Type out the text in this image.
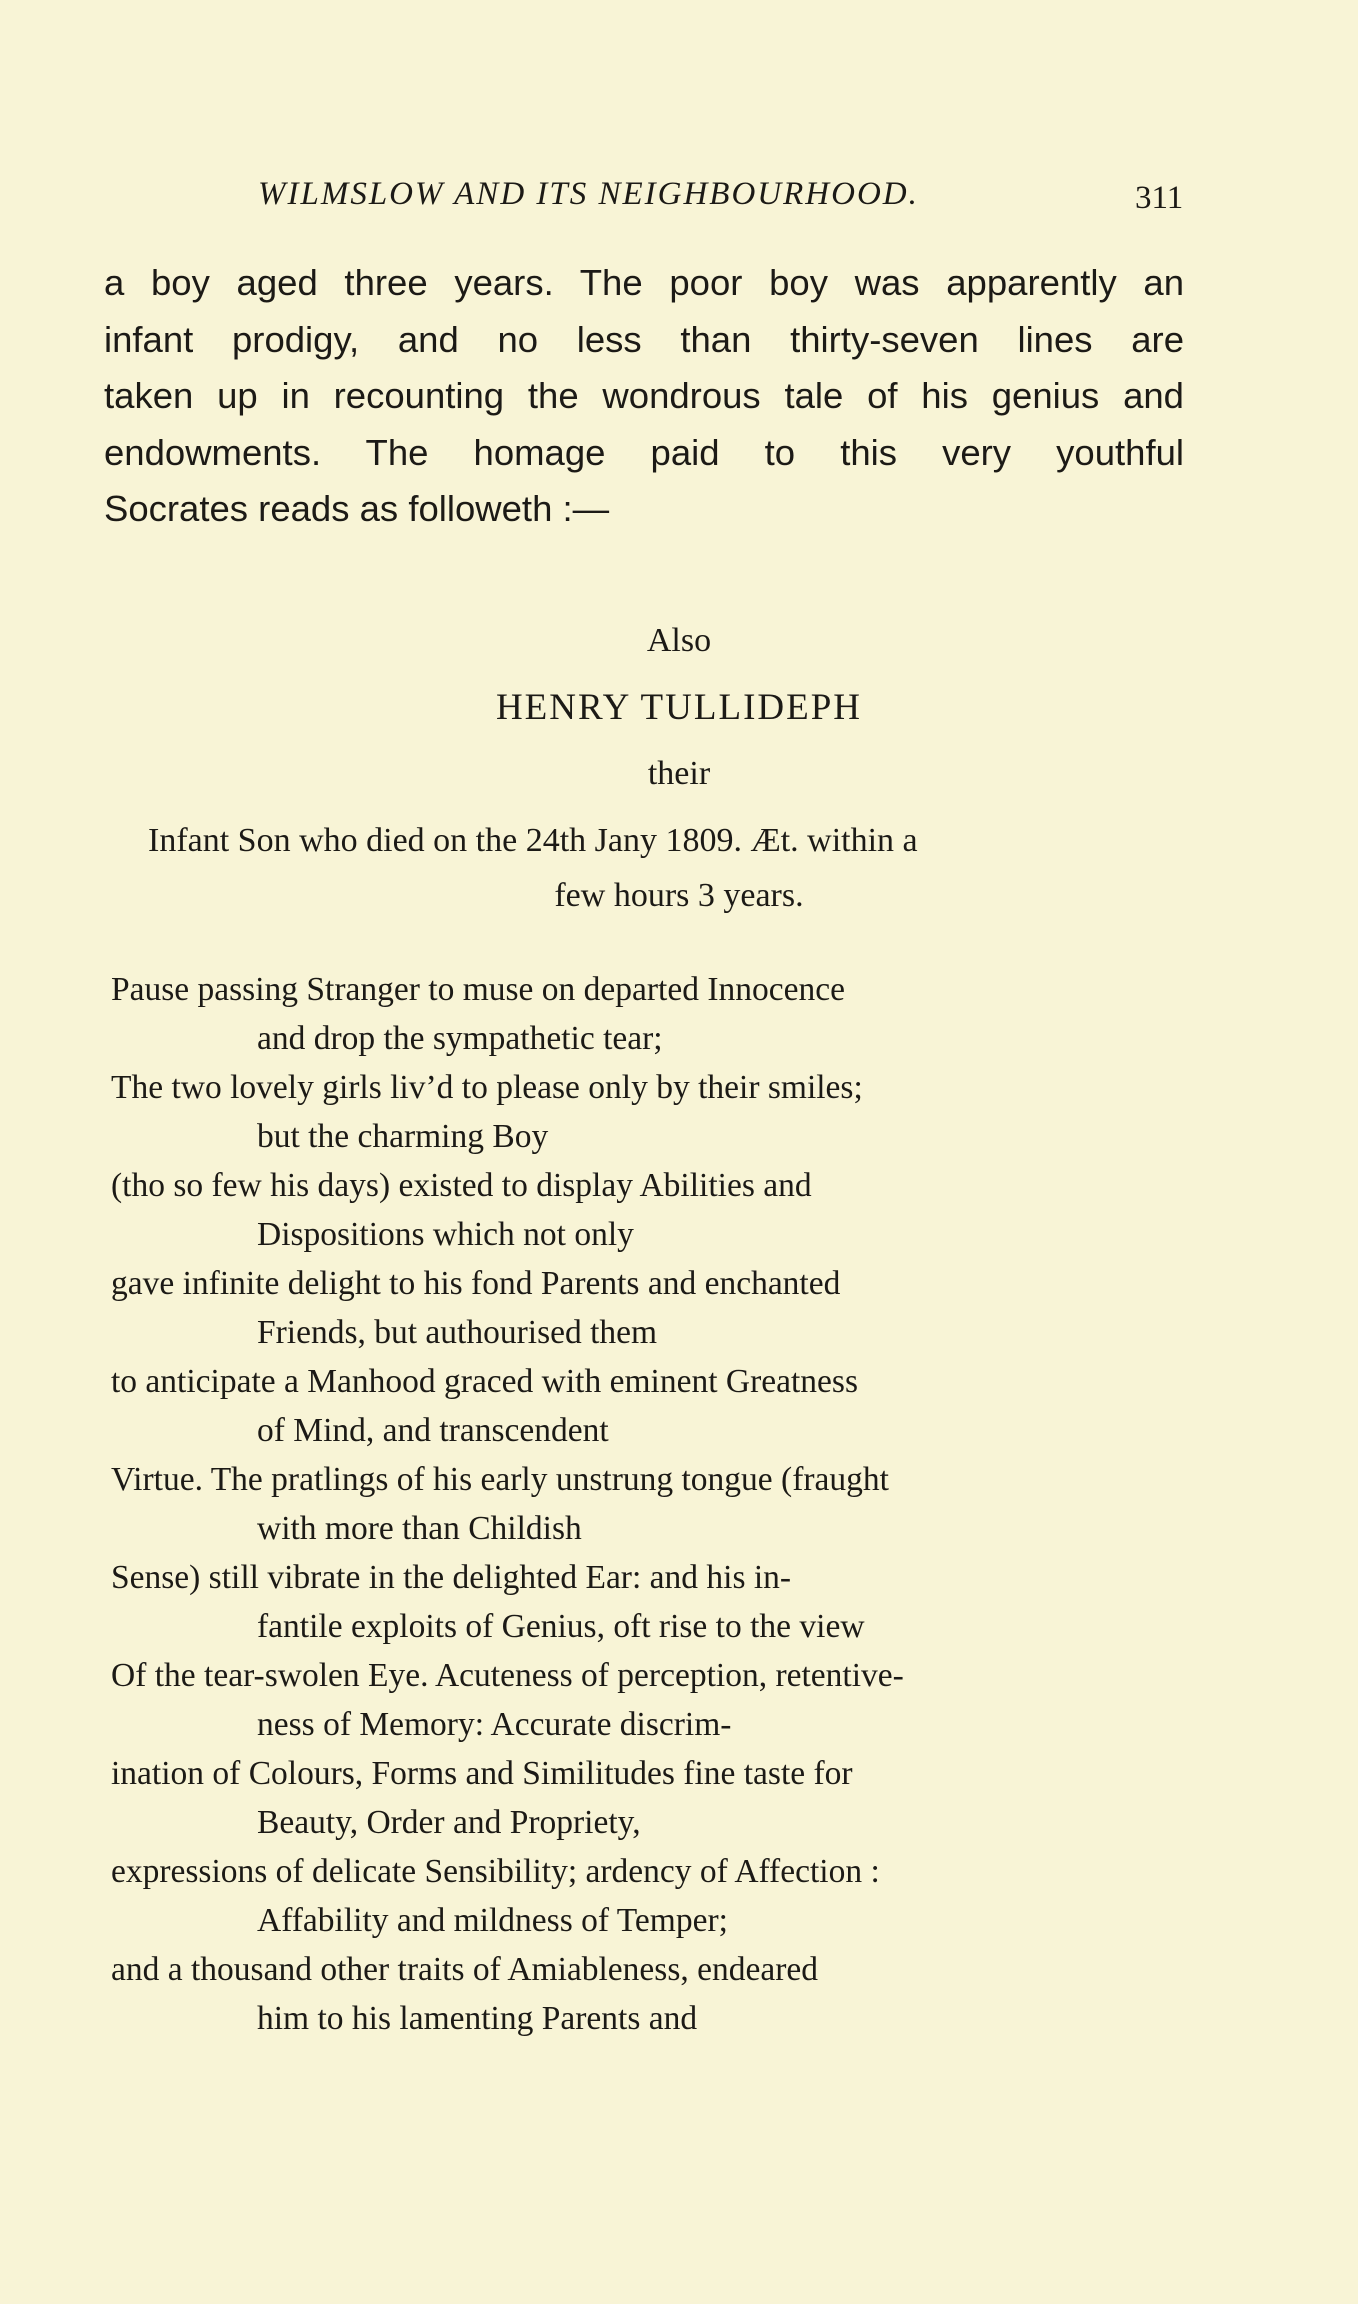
WILMSLOW AND ITS NEIGHBOURHOOD.	311
a boy aged three years. The poor boy was apparently an
infant prodigy, and no less than thirty-seven lines are
taken up in recounting the wondrous tale of his genius and
endowments. The homage paid to this very youthful
Socrates reads as followeth :—
Also
HENRY TULLIDEPH
their
Infant Son who died on the 24th Jany 1809. Æt. within a
few hours 3 years.
Pause passing Stranger to muse on departed Innocence
and drop the sympathetic tear;
The two lovely girls liv’d to please only by their smiles;
but the charming Boy
(tho so few his days) existed to display Abilities and
Dispositions which not only
gave infinite delight to his fond Parents and enchanted
Friends, but authourised them
to anticipate a Manhood graced with eminent Greatness
of Mind, and transcendent
Virtue. The pratlings of his early unstrung tongue (fraught
with more than Childish
Sense) still vibrate in the delighted Ear: and his in-
fantile exploits of Genius, oft rise to the view
Of the tear-swolen Eye. Acuteness of perception, retentive-
ness of Memory: Accurate discrim-
ination of Colours, Forms and Similitudes fine taste for
Beauty, Order and Propriety,
expressions of delicate Sensibility; ardency of Affection :
Affability and mildness of Temper;
and a thousand other traits of Amiableness, endeared
him to his lamenting Parents and
